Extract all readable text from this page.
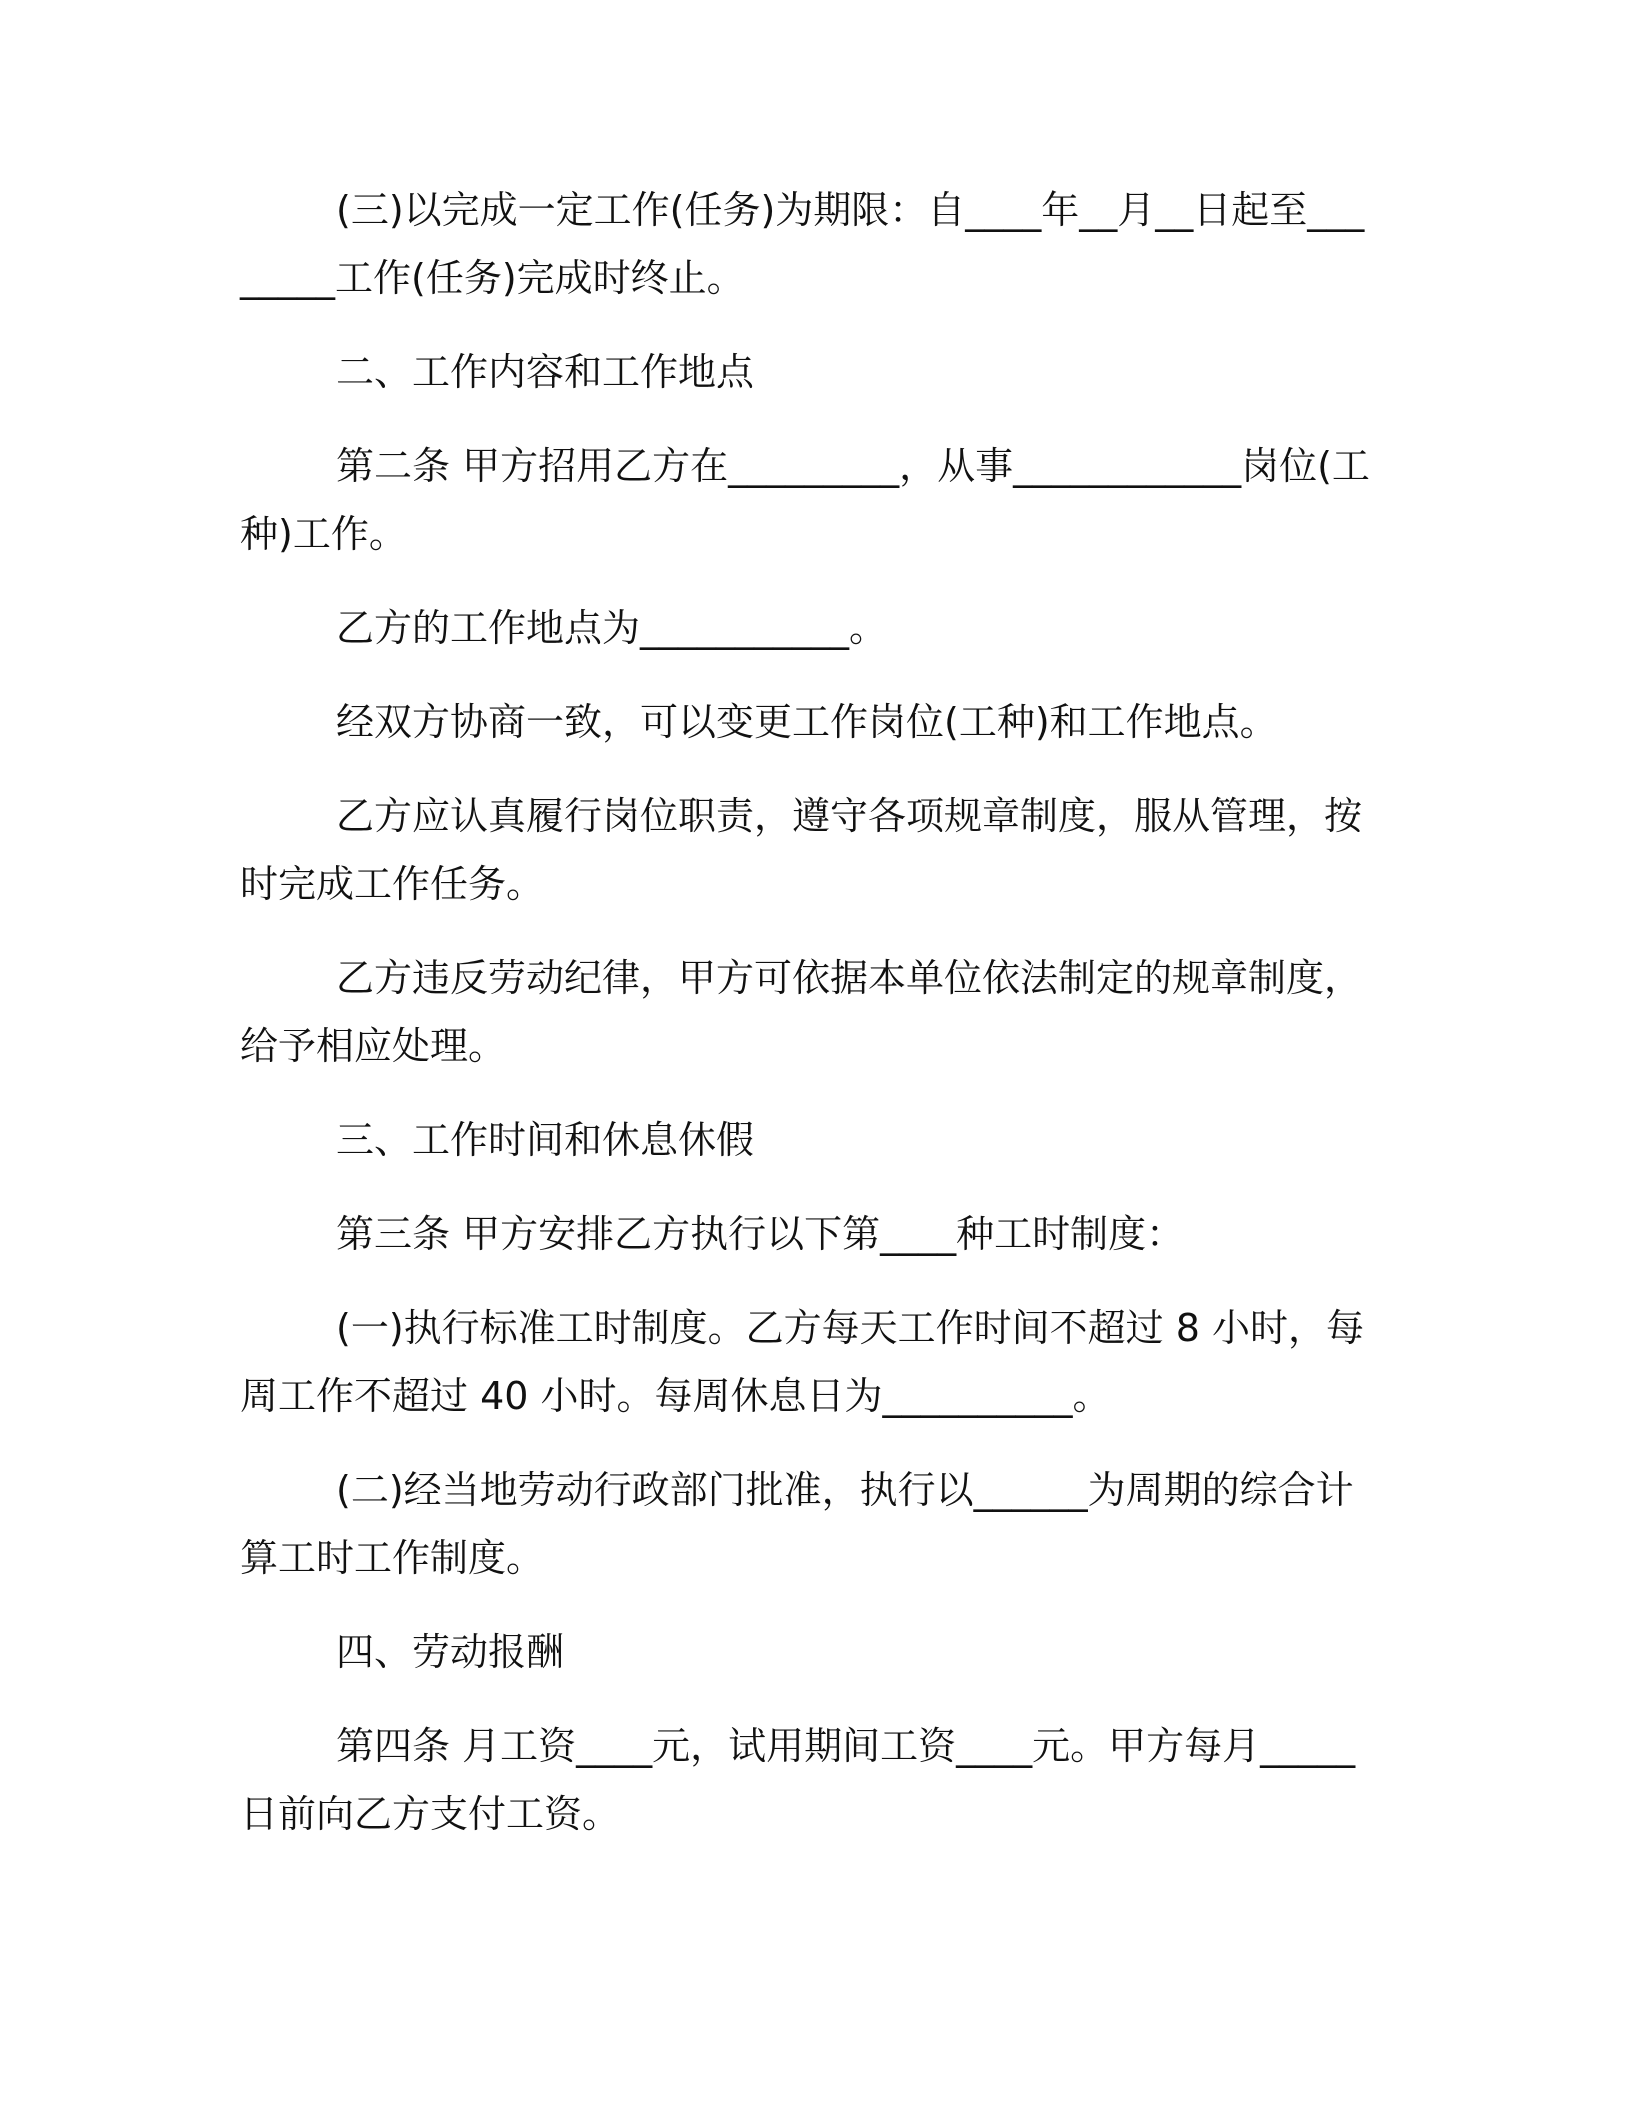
(三)以完成一定工作(任务)为期限：自____年__月__日起至________工作(任务)完成时终止。

二、工作内容和工作地点

第二条 甲方招用乙方在_________，从事____________岗位(工种)工作。

乙方的工作地点为___________。

经双方协商一致，可以变更工作岗位(工种)和工作地点。

乙方应认真履行岗位职责，遵守各项规章制度，服从管理，按时完成工作任务。

乙方违反劳动纪律，甲方可依据本单位依法制定的规章制度，给予相应处理。

三、工作时间和休息休假

第三条 甲方安排乙方执行以下第____种工时制度：

(一)执行标准工时制度。乙方每天工作时间不超过 8 小时，每周工作不超过 40 小时。每周休息日为__________。

(二)经当地劳动行政部门批准，执行以______为周期的综合计算工时工作制度。

四、劳动报酬

第四条 月工资____元，试用期间工资____元。甲方每月_____日前向乙方支付工资。
